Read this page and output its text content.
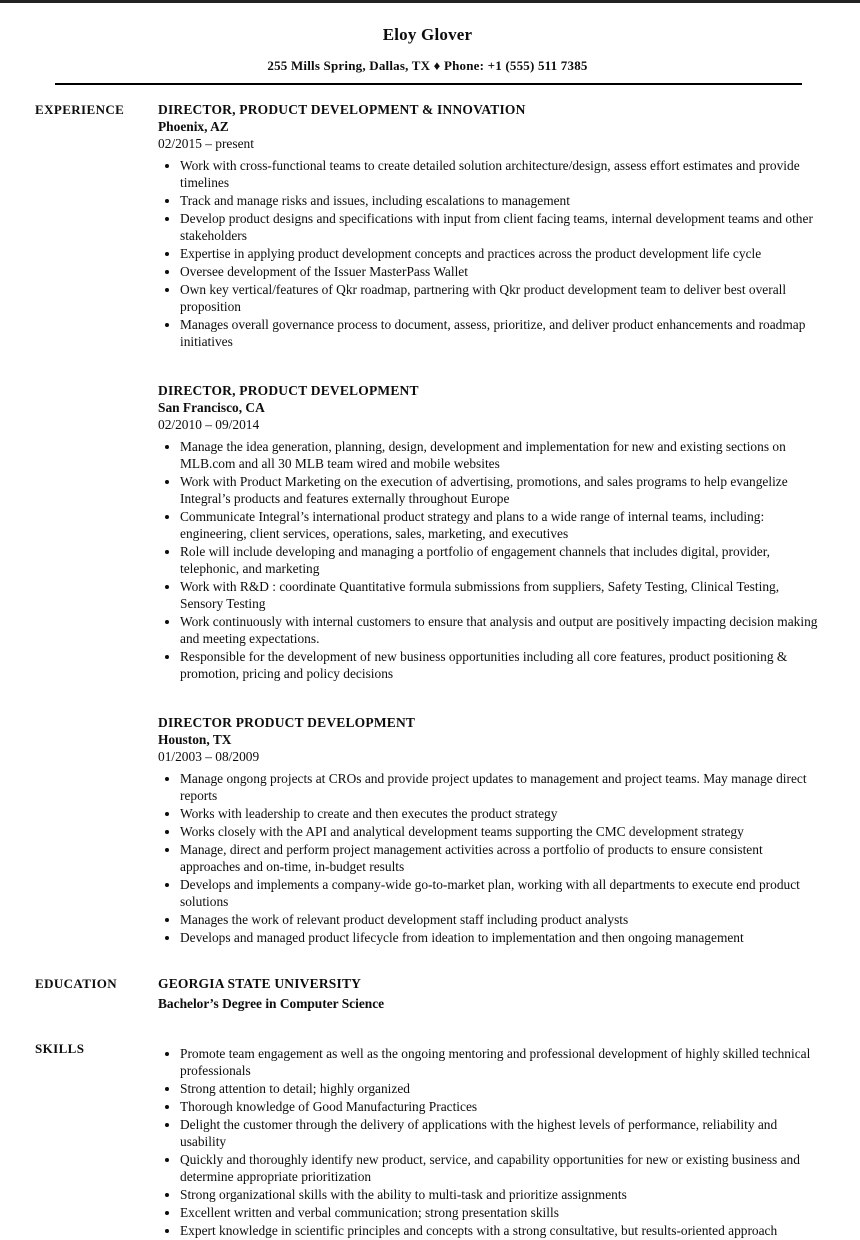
Eloy Glover
255 Mills Spring, Dallas, TX ♦ Phone: +1 (555) 511 7385
EXPERIENCE	DIRECTOR, PRODUCT DEVELOPMENT & INNOVATION
Phoenix, AZ
02/2015 – present
• Work with cross-functional teams to create detailed solution architecture/design, assess effort estimates and provide timelines
• Track and manage risks and issues, including escalations to management
• Develop product designs and specifications with input from client facing teams, internal development teams and other stakeholders
• Expertise in applying product development concepts and practices across the product development life cycle
• Oversee development of the Issuer MasterPass Wallet
• Own key vertical/features of Qkr roadmap, partnering with Qkr product development team to deliver best overall proposition
• Manages overall governance process to document, assess, prioritize, and deliver product enhancements and roadmap initiatives
DIRECTOR, PRODUCT DEVELOPMENT
San Francisco, CA
02/2010 – 09/2014
• Manage the idea generation, planning, design, development and implementation for new and existing sections on MLB.com and all 30 MLB team wired and mobile websites
• Work with Product Marketing on the execution of advertising, promotions, and sales programs to help evangelize Integral’s products and features externally throughout Europe
• Communicate Integral’s international product strategy and plans to a wide range of internal teams, including: engineering, client services, operations, sales, marketing, and executives
• Role will include developing and managing a portfolio of engagement channels that includes digital, provider, telephonic, and marketing
• Work with R&D : coordinate Quantitative formula submissions from suppliers, Safety Testing, Clinical Testing, Sensory Testing
• Work continuously with internal customers to ensure that analysis and output are positively impacting decision making and meeting expectations.
• Responsible for the development of new business opportunities including all core features, product positioning & promotion, pricing and policy decisions
DIRECTOR PRODUCT DEVELOPMENT
Houston, TX
01/2003 – 08/2009
• Manage ongong projects at CROs and provide project updates to management and project teams. May manage direct reports
• Works with leadership to create and then executes the product strategy
• Works closely with the API and analytical development teams supporting the CMC development strategy
• Manage, direct and perform project management activities across a portfolio of products to ensure consistent approaches and on-time, in-budget results
• Develops and implements a company-wide go-to-market plan, working with all departments to execute end product solutions
• Manages the work of relevant product development staff including product analysts
• Develops and managed product lifecycle from ideation to implementation and then ongoing management
EDUCATION	GEORGIA STATE UNIVERSITY
Bachelor’s Degree in Computer Science
SKILLS	• Promote team engagement as well as the ongoing mentoring and professional development of highly skilled technical professionals
• Strong attention to detail; highly organized
• Thorough knowledge of Good Manufacturing Practices
• Delight the customer through the delivery of applications with the highest levels of performance, reliability and usability
• Quickly and thoroughly identify new product, service, and capability opportunities for new or existing business and determine appropriate prioritization
• Strong organizational skills with the ability to multi-task and prioritize assignments
• Excellent written and verbal communication; strong presentation skills
• Expert knowledge in scientific principles and concepts with a strong consultative, but results-oriented approach
